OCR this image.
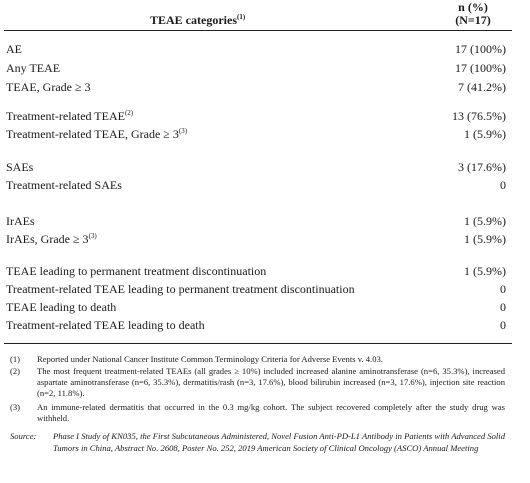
TEAE categories$^{(1)}$
n (%)
(N=17)
AE	17 (100%)
Any TEAE	17 (100%)
TEAE, Grade ≥ 3	7 (41.2%)
Treatment-related TEAE$^{(2)}$	13 (76.5%)
Treatment-related TEAE, Grade ≥ $3^{(3)}$	1 (5.9%)
SAEs	3 (17.6%)
Treatment-related SAEs	0
IrAEs	1 (5.9%)
IrAEs, Grade ≥ $3^{(3)}$	1 (5.9%)
TEAE leading to permanent treatment discontinuation	1 (5.9%)
Treatment-related TEAE leading to permanent treatment discontinuation	0
TEAE leading to death	0
Treatment-related TEAE leading to death	0
(1) Reported under National Cancer Institute Common Terminology Criteria for Adverse Events v. 4.03.
(2) The most frequent treatment-related TEAEs (all grades ≥ 10%) included increased alanine aminotransferase (n=6, 35.3%), increased aspartate aminotransferase (n=6, 35.3%), dermatitis/rash (n=3, 17.6%), blood bilirubin increased (n=3, 17.6%), injection site reaction (n=2, 11.8%).
(3) An immune-related dermatitis that occurred in the 0.3 mg/kg cohort. The subject recovered completely after the study drug was withheld.
Source:	Phase I Study of KN035, the First Subcutaneous Administered, Novel Fusion Anti-PD-L1 Antibody in Patients with Advanced Solid Tumors in China, Abstract No. 2608, Poster No. 252, 2019 American Society of Clinical Oncology (ASCO) Annual Meeting
